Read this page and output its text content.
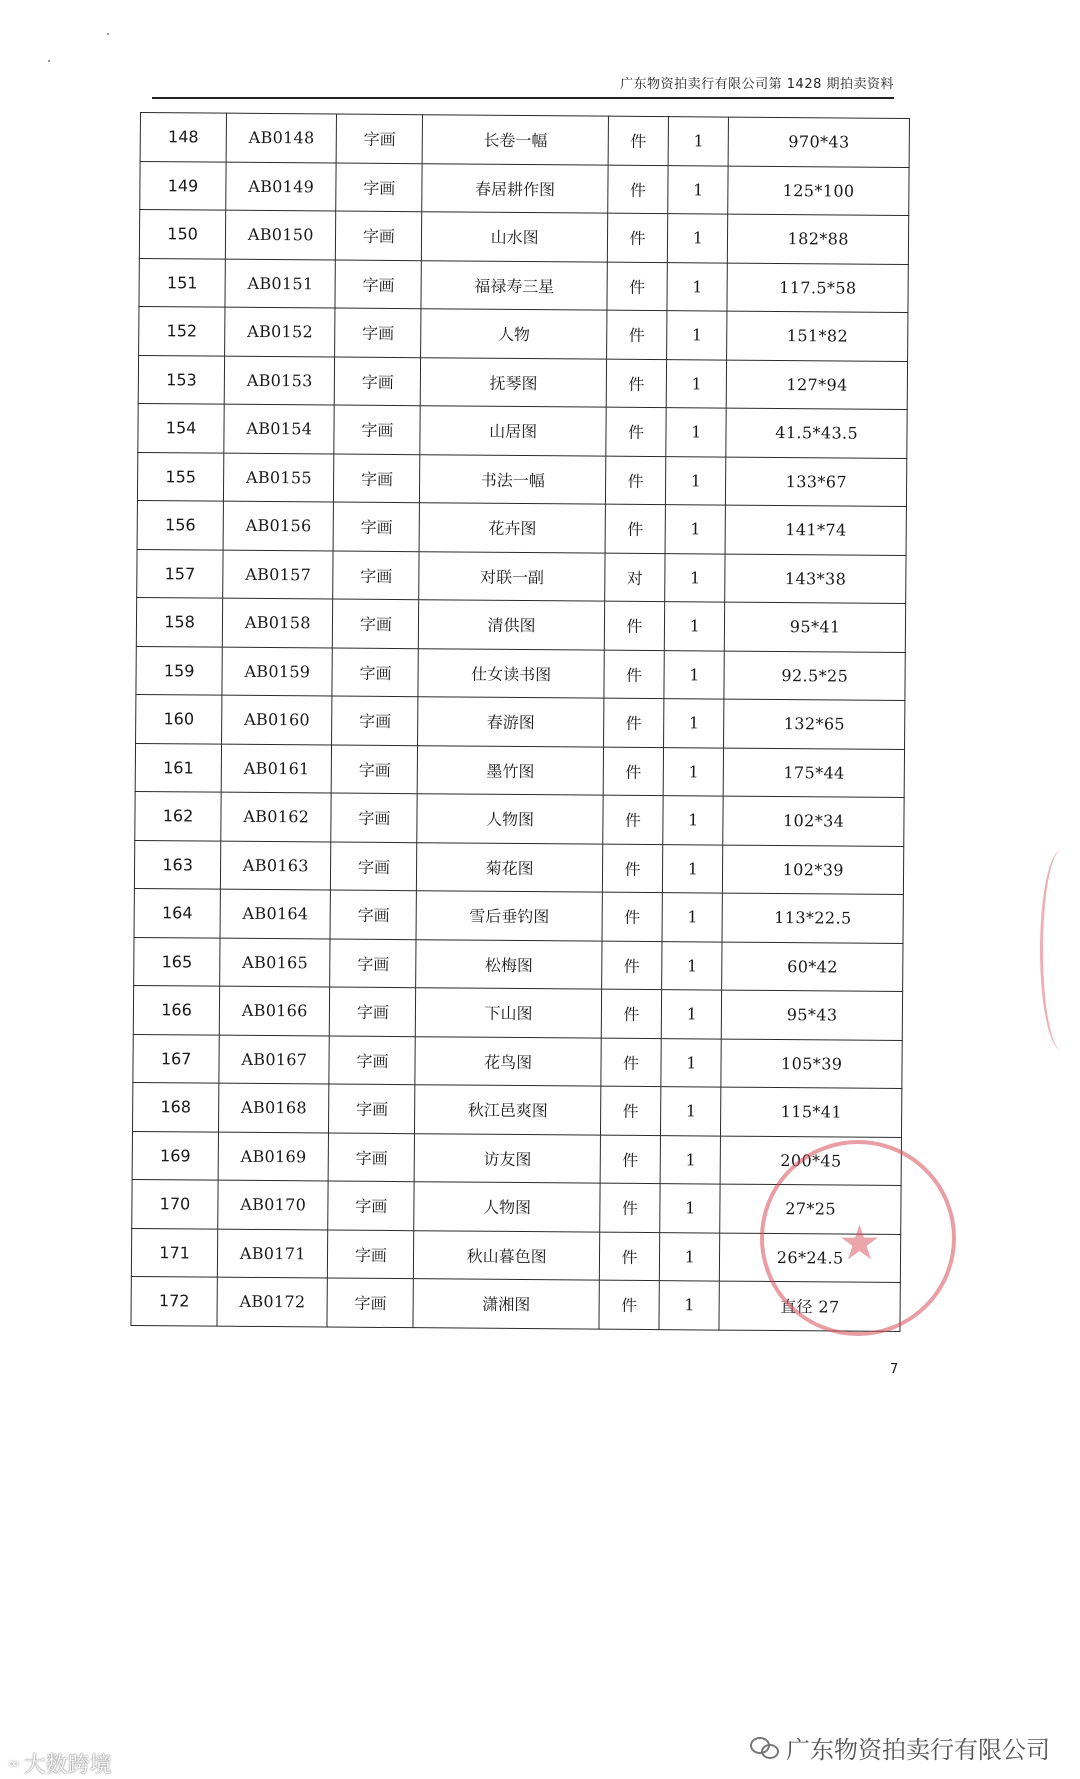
广东物资拍卖行有限公司第 1428 期拍卖资料
148	AB0148	字画	长卷一幅	件	1	970*43
149	AB0149	字画	春居耕作图	件	1	125*100
150	AB0150	字画	山水图	件	1	182*88
151	AB0151	字画	福禄寿三星	件	1	117.5*58
152	AB0152	字画	人物	件	1	151*82
153	AB0153	字画	抚琴图	件	1	127*94
154	AB0154	字画	山居图	件	1	41.5*43.5
155	AB0155	字画	书法一幅	件	1	133*67
156	AB0156	字画	花卉图	件	1	141*74
157	AB0157	字画	对联一副	对	1	143*38
158	AB0158	字画	清供图	件	1	95*41
159	AB0159	字画	仕女读书图	件	1	92.5*25
160	AB0160	字画	春游图	件	1	132*65
161	AB0161	字画	墨竹图	件	1	175*44
162	AB0162	字画	人物图	件	1	102*34
163	AB0163	字画	菊花图	件	1	102*39
164	AB0164	字画	雪后垂钓图	件	1	113*22.5
165	AB0165	字画	松梅图	件	1	60*42
166	AB0166	字画	下山图	件	1	95*43
167	AB0167	字画	花鸟图	件	1	105*39
168	AB0168	字画	秋江邑爽图	件	1	115*41
169	AB0169	字画	访友图	件	1	200*45
170	AB0170	字画	人物图	件	1	27*25
171	AB0171	字画	秋山暮色图	件	1	26*24.5
172	AB0172	字画	潇湘图	件	1	直径 27
★
7
广东物资拍卖行有限公司
∞ 大数跨境
